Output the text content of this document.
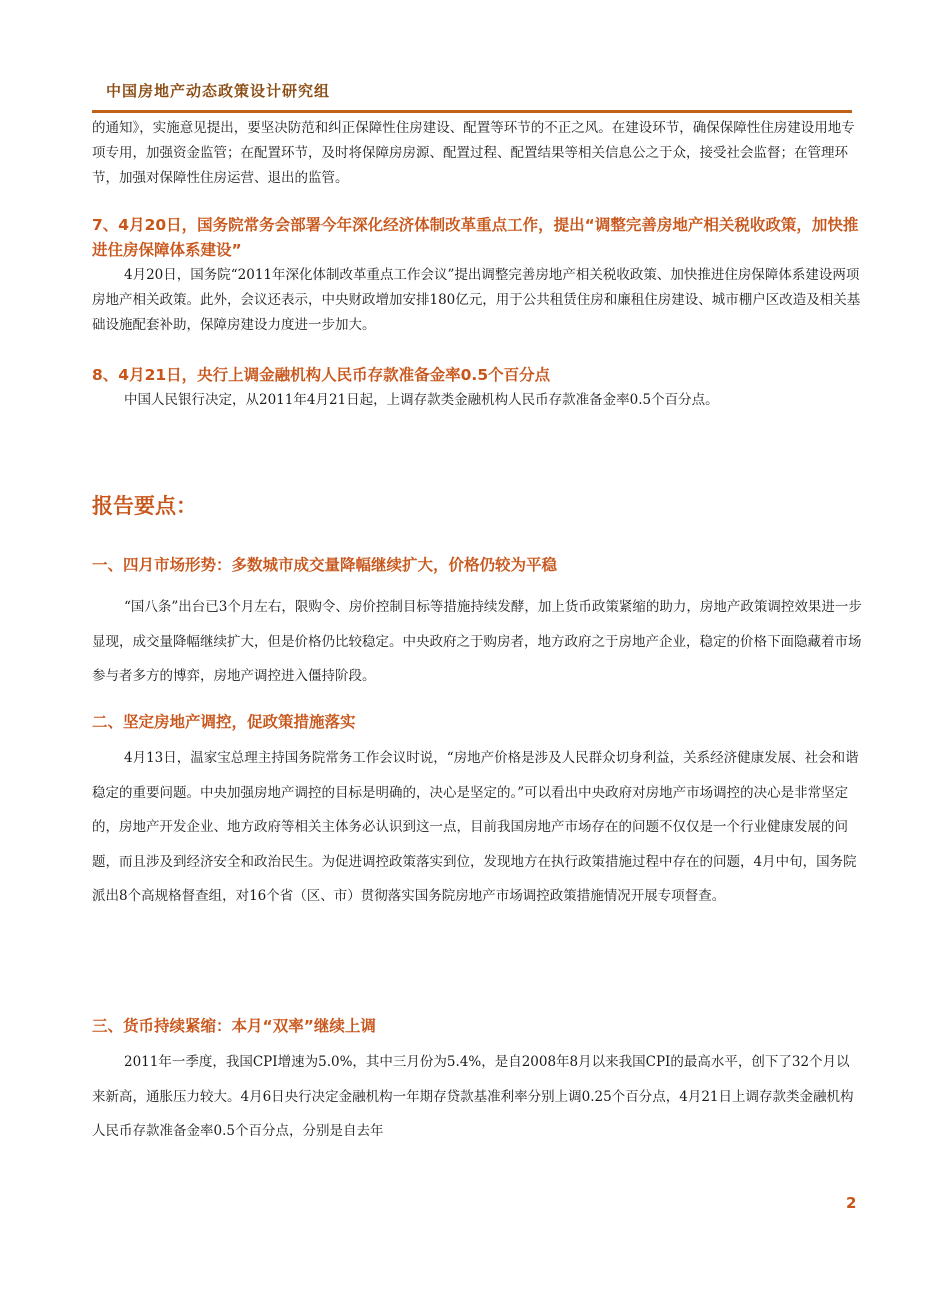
中国房地产动态政策设计研究组

的通知》，实施意见提出，要坚决防范和纠正保障性住房建设、配置等环节的不正之风。在建设环节，确保保障性住房建设用地专项专用，加强资金监管；在配置环节，及时将保障房房源、配置过程、配置结果等相关信息公之于众，接受社会监督；在管理环节，加强对保障性住房运营、退出的监管。

7、4月20日，国务院常务会部署今年深化经济体制改革重点工作，提出“调整完善房地产相关税收政策，加快推进住房保障体系建设”

4月20日，国务院“2011年深化体制改革重点工作会议”提出调整完善房地产相关税收政策、加快推进住房保障体系建设两项房地产相关政策。此外，会议还表示，中央财政增加安排180亿元，用于公共租赁住房和廉租住房建设、城市棚户区改造及相关基础设施配套补助，保障房建设力度进一步加大。

8、4月21日，央行上调金融机构人民币存款准备金率0.5个百分点

中国人民银行决定，从2011年4月21日起，上调存款类金融机构人民币存款准备金率0.5个百分点。

报告要点：
一、四月市场形势：多数城市成交量降幅继续扩大，价格仍较为平稳

“国八条”出台已3个月左右，限购令、房价控制目标等措施持续发酵，加上货币政策紧缩的助力，房地产政策调控效果进一步显现，成交量降幅继续扩大，但是价格仍比较稳定。中央政府之于购房者，地方政府之于房地产企业，稳定的价格下面隐藏着市场参与者多方的博弈，房地产调控进入僵持阶段。

二、坚定房地产调控，促政策措施落实

4月13日，温家宝总理主持国务院常务工作会议时说，“房地产价格是涉及人民群众切身利益，关系经济健康发展、社会和谐稳定的重要问题。中央加强房地产调控的目标是明确的，决心是坚定的。”可以看出中央政府对房地产市场调控的决心是非常坚定的，房地产开发企业、地方政府等相关主体务必认识到这一点，目前我国房地产市场存在的问题不仅仅是一个行业健康发展的问题，而且涉及到经济安全和政治民生。为促进调控政策落实到位，发现地方在执行政策措施过程中存在的问题，4月中旬，国务院派出8个高规格督查组，对16个省（区、市）贯彻落实国务院房地产市场调控政策措施情况开展专项督查。

三、货币持续紧缩：本月“双率”继续上调

2011年一季度，我国CPI增速为5.0%，其中三月份为5.4%，是自2008年8月以来我国CPI的最高水平，创下了32个月以来新高，通胀压力较大。4月6日央行决定金融机构一年期存贷款基准利率分别上调0.25个百分点，4月21日上调存款类金融机构人民币存款准备金率0.5个百分点，分别是自去年

2
